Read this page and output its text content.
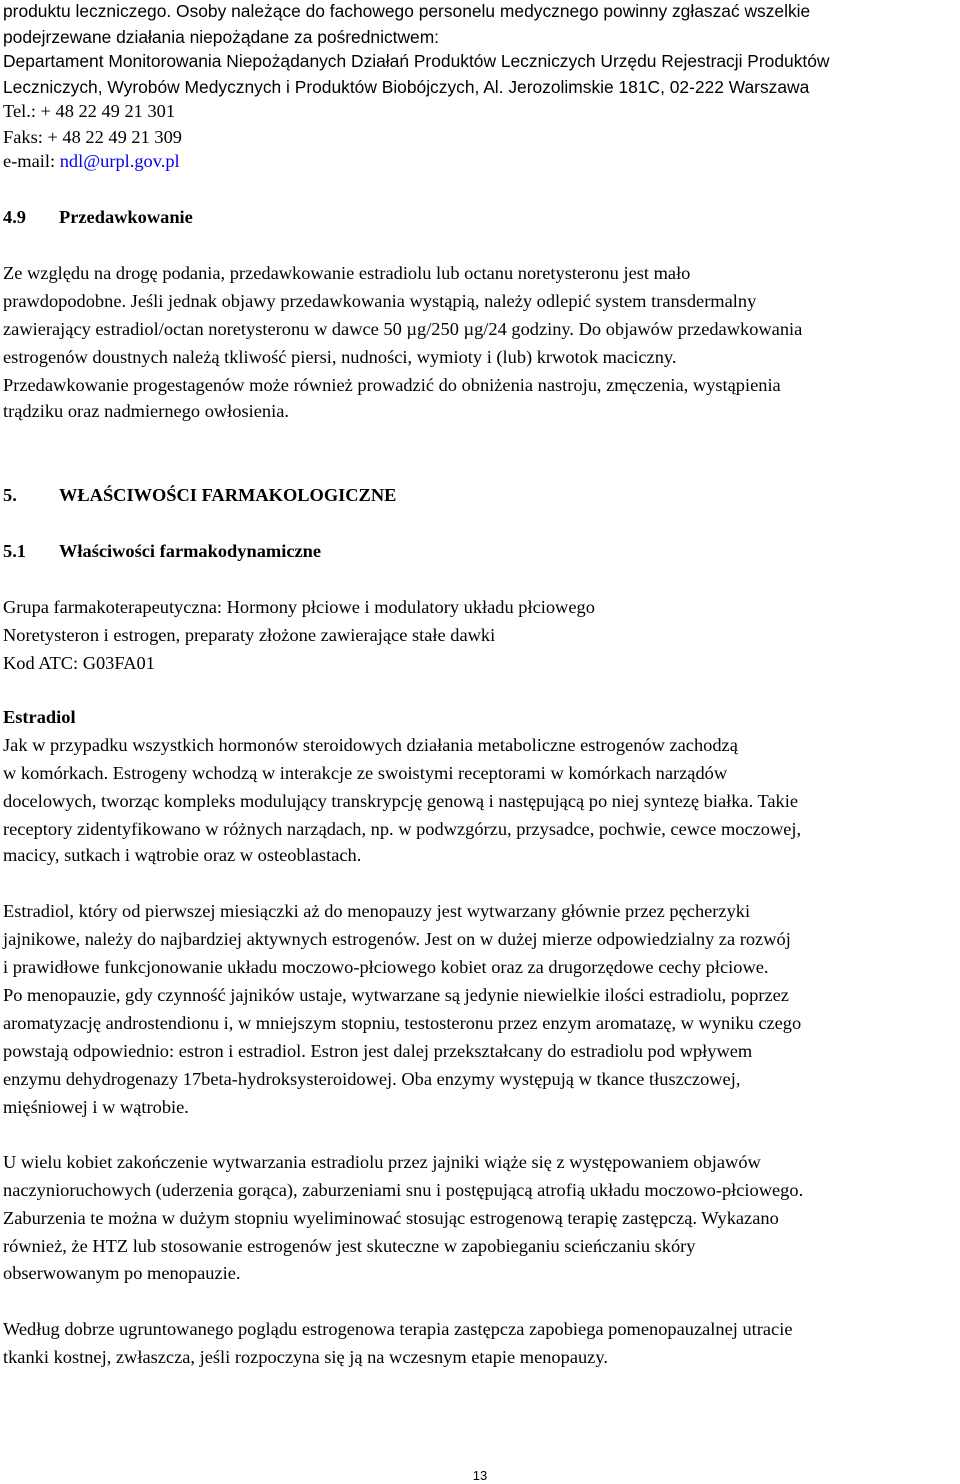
produktu leczniczego. Osoby należące do fachowego personelu medycznego powinny zgłaszać wszelkie
podejrzewane działania niepożądane za pośrednictwem:
Departament Monitorowania Niepożądanych Działań Produktów Leczniczych Urzędu Rejestracji Produktów
Leczniczych, Wyrobów Medycznych i Produktów Biobójczych, Al. Jerozolimskie 181C, 02-222 Warszawa
Tel.: + 48 22 49 21 301
Faks: + 48 22 49 21 309
e-mail: ndl@urpl.gov.pl
4.9 Przedawkowanie
Ze względu na drogę podania, przedawkowanie estradiolu lub octanu noretysteronu jest mało
prawdopodobne. Jeśli jednak objawy przedawkowania wystąpią, należy odlepić system transdermalny
zawierający estradiol/octan noretysteronu w dawce 50 µg/250 µg/24 godziny. Do objawów przedawkowania
estrogenów doustnych należą tkliwość piersi, nudności, wymioty i (lub) krwotok maciczny.
Przedawkowanie progestagenów może również prowadzić do obniżenia nastroju, zmęczenia, wystąpienia
trądziku oraz nadmiernego owłosienia.
5. WŁAŚCIWOŚCI FARMAKOLOGICZNE
5.1 Właściwości farmakodynamiczne
Grupa farmakoterapeutyczna: Hormony płciowe i modulatory układu płciowego
Noretysteron i estrogen, preparaty złożone zawierające stałe dawki
Kod ATC: G03FA01
Estradiol
Jak w przypadku wszystkich hormonów steroidowych działania metaboliczne estrogenów zachodzą
w komórkach. Estrogeny wchodzą w interakcje ze swoistymi receptorami w komórkach narządów
docelowych, tworząc kompleks modulujący transkrypcję genową i następującą po niej syntezę białka. Takie
receptory zidentyfikowano w różnych narządach, np. w podwzgórzu, przysadce, pochwie, cewce moczowej,
macicy, sutkach i wątrobie oraz w osteoblastach.
Estradiol, który od pierwszej miesiączki aż do menopauzy jest wytwarzany głównie przez pęcherzyki
jajnikowe, należy do najbardziej aktywnych estrogenów. Jest on w dużej mierze odpowiedzialny za rozwój
i prawidłowe funkcjonowanie układu moczowo-płciowego kobiet oraz za drugorzędowe cechy płciowe.
Po menopauzie, gdy czynność jajników ustaje, wytwarzane są jedynie niewielkie ilości estradiolu, poprzez
aromatyzację androstendionu i, w mniejszym stopniu, testosteronu przez enzym aromatazę, w wyniku czego
powstają odpowiednio: estron i estradiol. Estron jest dalej przekształcany do estradiolu pod wpływem
enzymu dehydrogenazy 17beta-hydroksysteroidowej. Oba enzymy występują w tkance tłuszczowej,
mięśniowej i w wątrobie.
U wielu kobiet zakończenie wytwarzania estradiolu przez jajniki wiąże się z występowaniem objawów
naczynioruchowych (uderzenia gorąca), zaburzeniami snu i postępującą atrofią układu moczowo-płciowego.
Zaburzenia te można w dużym stopniu wyeliminować stosując estrogenową terapię zastępczą. Wykazano
również, że HTZ lub stosowanie estrogenów jest skuteczne w zapobieganiu scieńczaniu skóry
obserwowanym po menopauzie.
Według dobrze ugruntowanego poglądu estrogenowa terapia zastępcza zapobiega pomenopauzalnej utracie
tkanki kostnej, zwłaszcza, jeśli rozpoczyna się ją na wczesnym etapie menopauzy.
13
